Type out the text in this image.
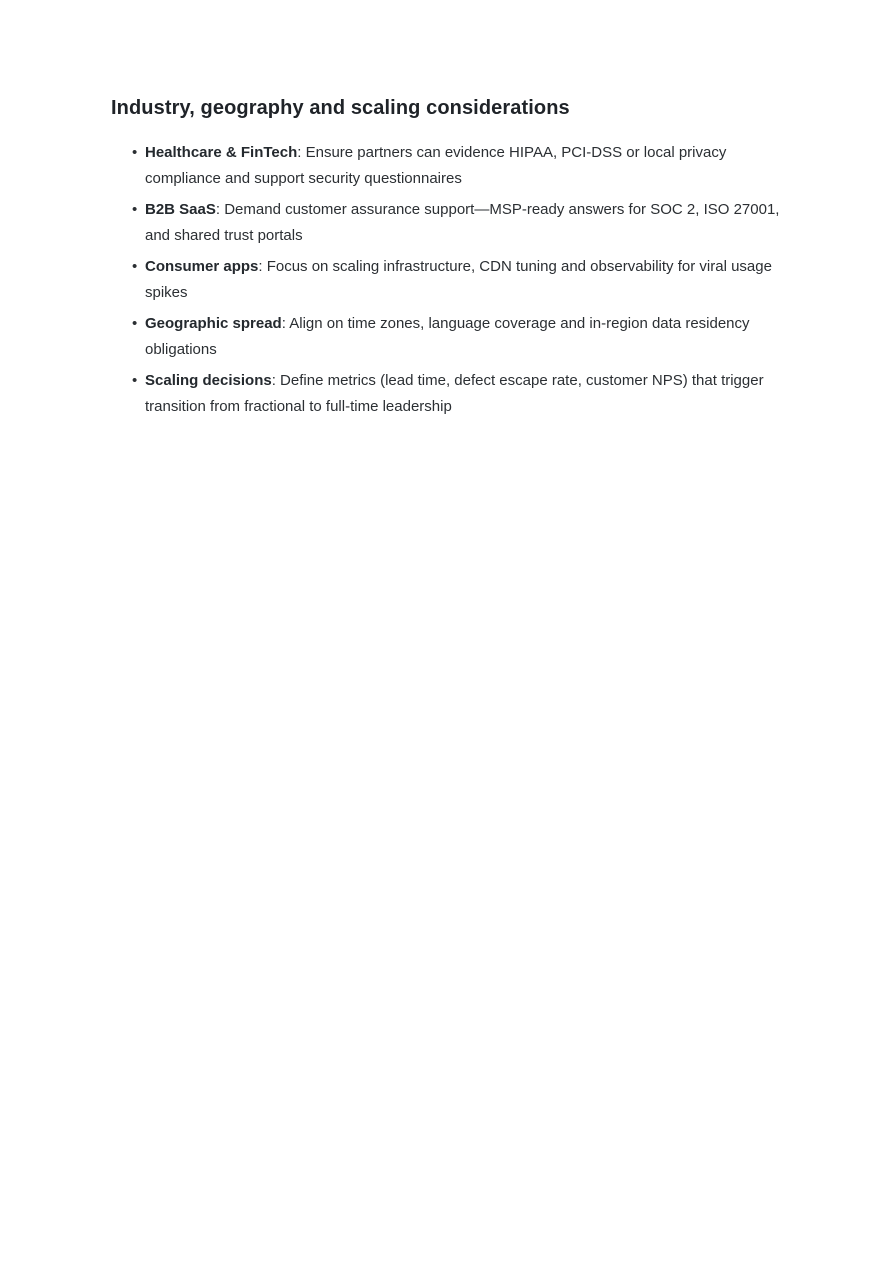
Industry, geography and scaling considerations
• Healthcare & FinTech: Ensure partners can evidence HIPAA, PCI-DSS or local privacy compliance and support security questionnaires
• B2B SaaS: Demand customer assurance support—MSP-ready answers for SOC 2, ISO 27001, and shared trust portals
• Consumer apps: Focus on scaling infrastructure, CDN tuning and observability for viral usage spikes
• Geographic spread: Align on time zones, language coverage and in-region data residency obligations
• Scaling decisions: Define metrics (lead time, defect escape rate, customer NPS) that trigger transition from fractional to full-time leadership
